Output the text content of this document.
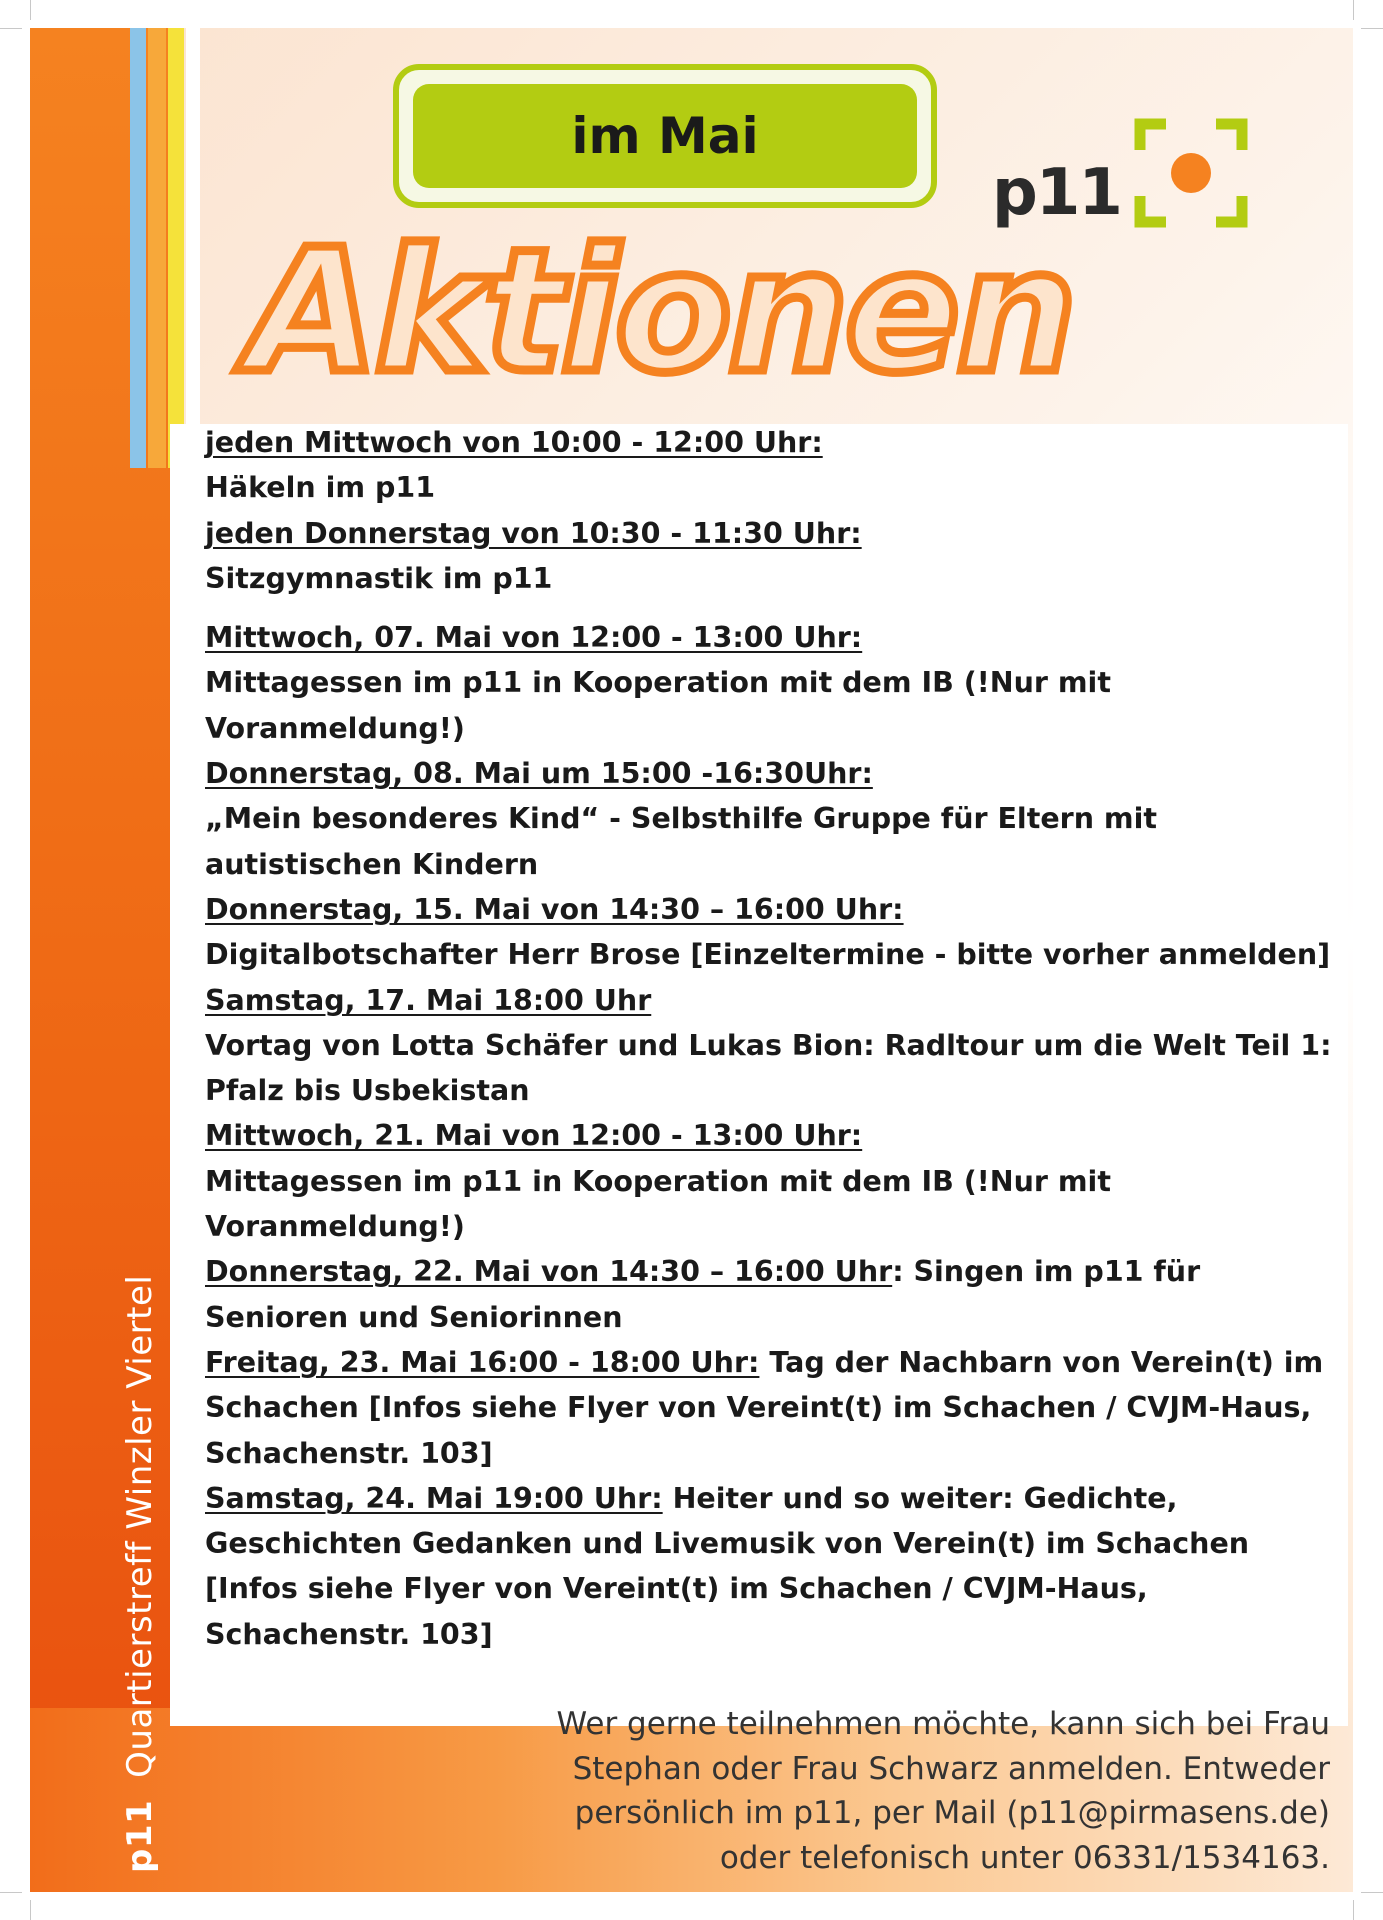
p11Quartierstreff Winzler Viertel
im Mai
p11
Aktionen

jeden Mittwoch von 10:00 - 12:00 Uhr:
Häkeln im p11

jeden Donnerstag von 10:30 - 11:30 Uhr:
Sitzgymnastik im p11

Mittwoch, 07. Mai von 12:00 - 13:00 Uhr:
Mittagessen im p11 in Kooperation mit dem IB (!Nur mit Voranmeldung!)

Donnerstag, 08. Mai um 15:00 -16:30Uhr:
„Mein besonderes Kind“ - Selbsthilfe Gruppe für Eltern mit autistischen Kindern

Donnerstag, 15. Mai von 14:30 – 16:00 Uhr:
Digitalbotschafter Herr Brose [Einzeltermine - bitte vorher anmelden]

Samstag, 17. Mai 18:00 Uhr
Vortag von Lotta Schäfer und Lukas Bion: Radltour um die Welt Teil 1: Pfalz bis Usbekistan

Mittwoch, 21. Mai von 12:00 - 13:00 Uhr:
Mittagessen im p11 in Kooperation mit dem IB (!Nur mit Voranmeldung!)

Donnerstag, 22. Mai von 14:30 – 16:00 Uhr: Singen im p11 für Senioren und Seniorinnen

Freitag, 23. Mai 16:00 - 18:00 Uhr: Tag der Nachbarn von Verein(t) im Schachen [Infos siehe Flyer von Vereint(t) im Schachen / CVJM-Haus, Schachenstr. 103]

Samstag, 24. Mai 19:00 Uhr: Heiter und so weiter: Gedichte, Geschichten Gedanken und Livemusik von Verein(t) im Schachen [Infos siehe Flyer von Vereint(t) im Schachen / CVJM-Haus, Schachenstr. 103]

Wer gerne teilnehmen möchte, kann sich bei Frau
Stephan oder Frau Schwarz anmelden. Entweder
persönlich im p11, per Mail (p11@pirmasens.de)
oder telefonisch unter 06331/1534163.
